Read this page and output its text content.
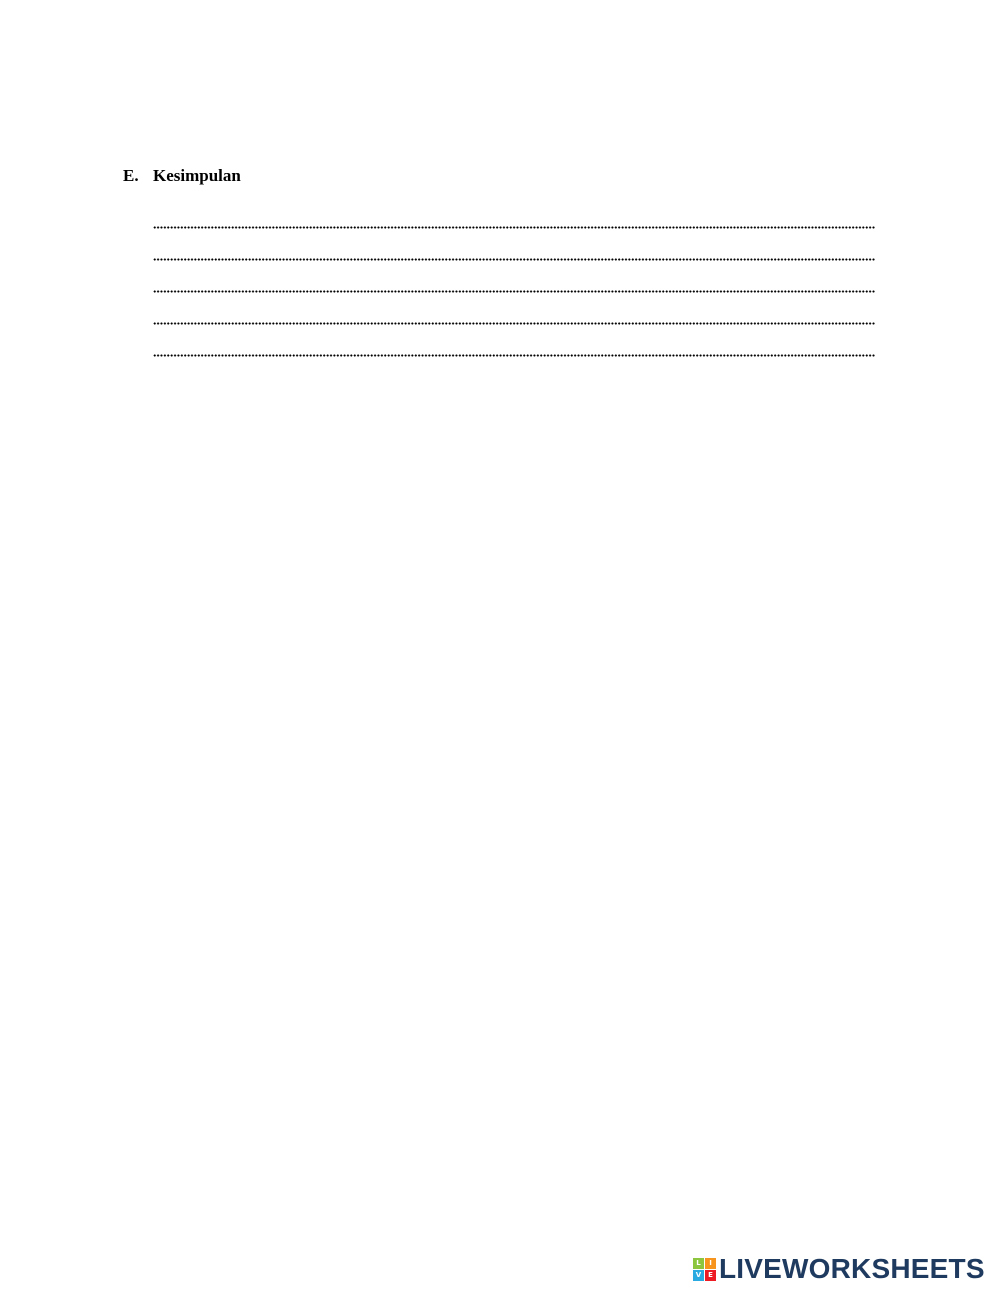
E. Kesimpulan
L	I
V E LIVEWORKSHEETS
